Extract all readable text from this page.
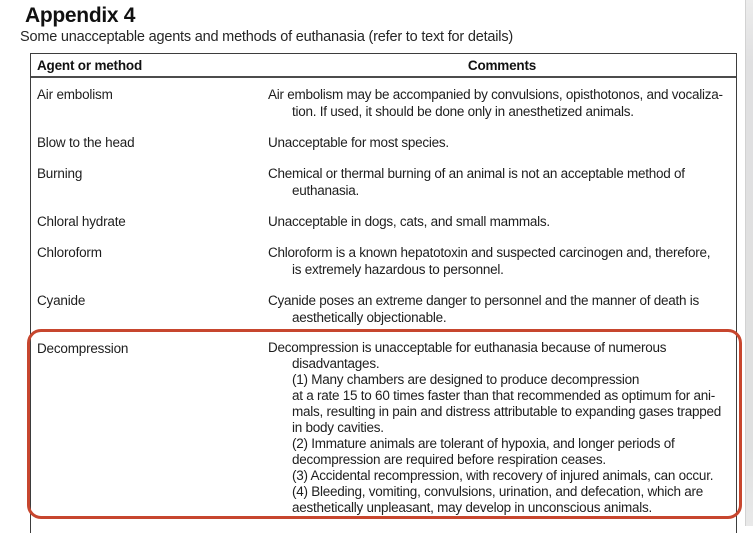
Appendix 4
Some unacceptable agents and methods of euthanasia (refer to text for details)
Agent or method	Comments
Air embolism	Air embolism may be accompanied by convulsions, opisthotonos, and vocaliza-
tion. If used, it should be done only in anesthetized animals.
Blow to the head	Unacceptable for most species.
Burning	Chemical or thermal burning of an animal is not an acceptable method of
euthanasia.
Chloral hydrate	Unacceptable in dogs, cats, and small mammals.
Chloroform	Chloroform is a known hepatotoxin and suspected carcinogen and, therefore,
is extremely hazardous to personnel.
Cyanide	Cyanide poses an extreme danger to personnel and the manner of death is
aesthetically objectionable.
Decompression	Decompression is unacceptable for euthanasia because of numerous
disadvantages.
(1) Many chambers are designed to produce decompression
at a rate 15 to 60 times faster than that recommended as optimum for ani-
mals, resulting in pain and distress attributable to expanding gases trapped
in body cavities.
(2) Immature animals are tolerant of hypoxia, and longer periods of
decompression are required before respiration ceases.
(3) Accidental recompression, with recovery of injured animals, can occur.
(4) Bleeding, vomiting, convulsions, urination, and defecation, which are
aesthetically unpleasant, may develop in unconscious animals.
